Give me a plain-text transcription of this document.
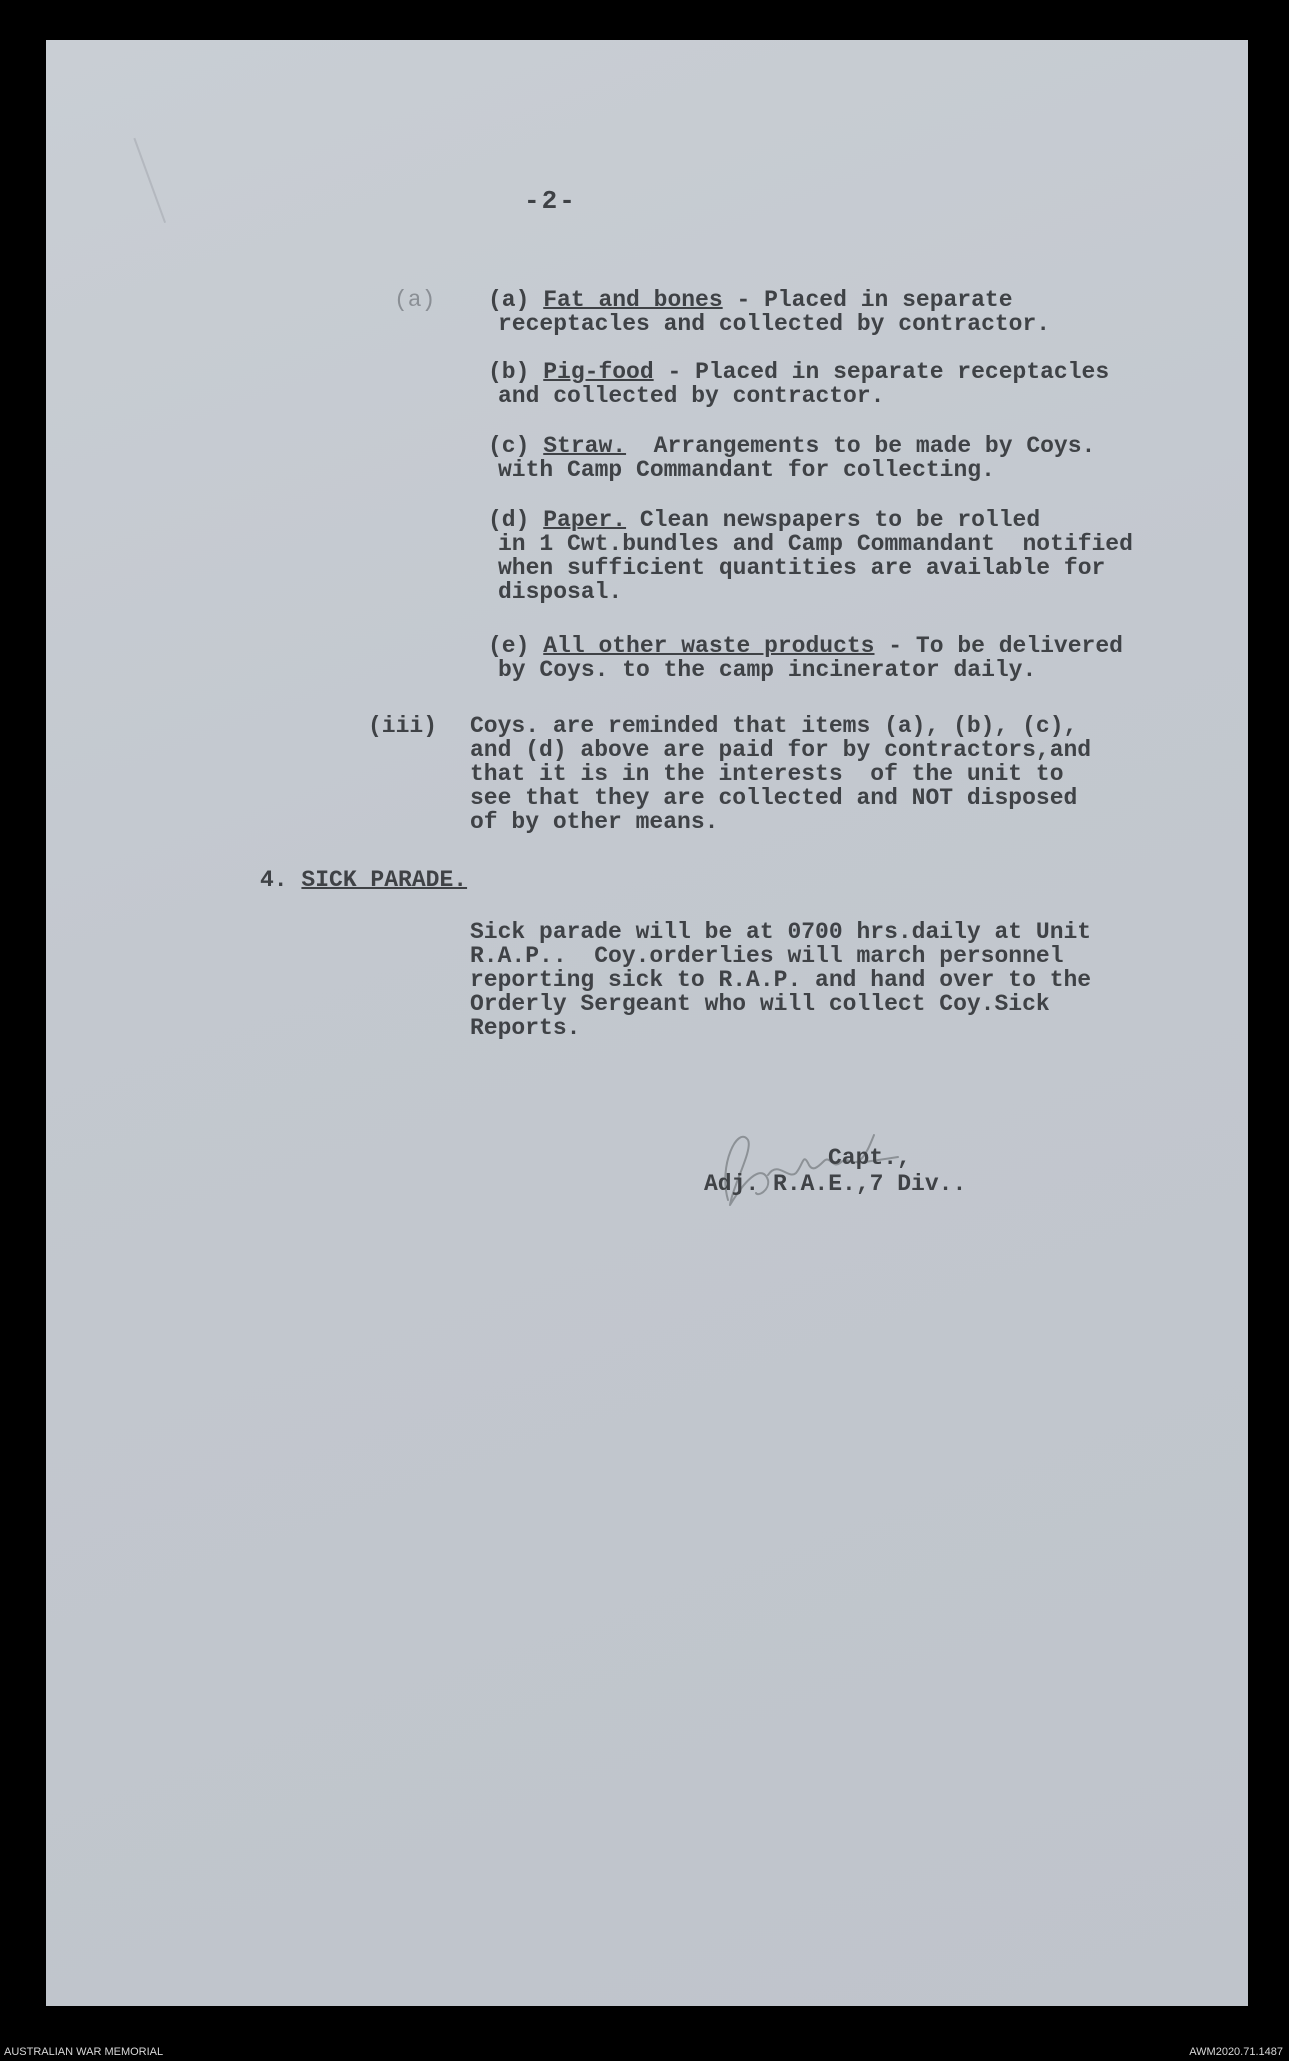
-2-
(a) (a) Fat and bones - Placed in separate
receptacles and collected by contractor.
(b) Pig-food - Placed in separate receptacles
and collected by contractor.
(c) Straw.  Arrangements to be made by Coys.
with Camp Commandant for collecting.
(d) Paper. Clean newspapers to be rolled
in 1 Cwt.bundles and Camp Commandant  notified
when sufficient quantities are available for
disposal.
(e) All other waste products - To be delivered
by Coys. to the camp incinerator daily.
(iii) Coys. are reminded that items (a), (b), (c),
and (d) above are paid for by contractors,and
that it is in the interests  of the unit to
see that they are collected and NOT disposed
of by other means.
4. SICK PARADE.
Sick parade will be at 0700 hrs.daily at Unit
R.A.P..  Coy.orderlies will march personnel
reporting sick to R.A.P. and hand over to the
Orderly Sergeant who will collect Coy.Sick
Reports.
Capt.,
Adj. R.A.E.,7 Div..
AUSTRALIAN WAR MEMORIAL	AWM2020.71.1487
